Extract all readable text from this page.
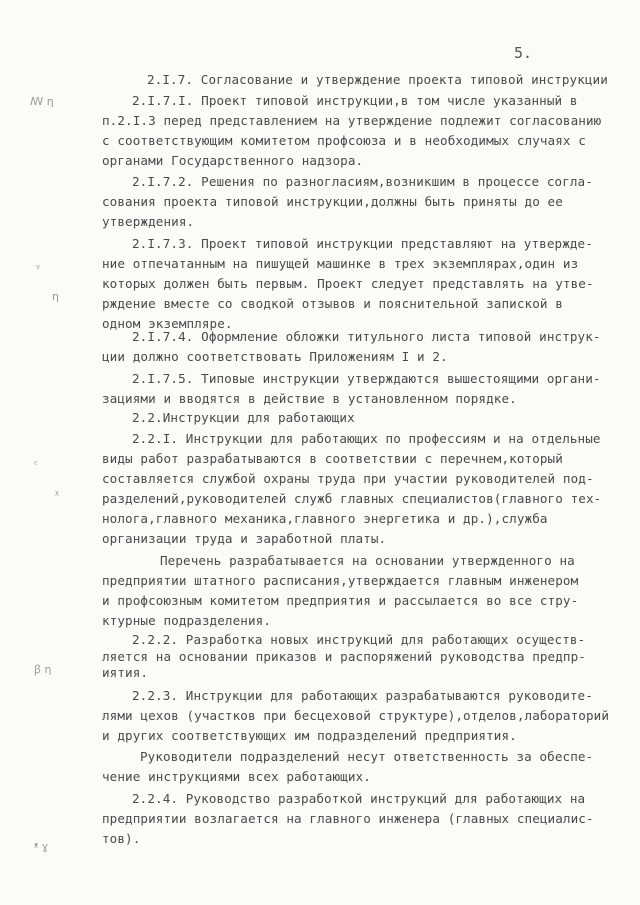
5.
2.I.7. Согласование и утверждение проекта типовой инструкции
2.I.7.I. Проект типовой инструкции,в том числе указанный в
п.2.I.3 перед представлением на утверждение подлежит согласованию
с соответствующим комитетом профсоюза и в необходимых случаях с
органами Государственного надзора.
2.I.7.2. Решения по разногласиям,возникшим в процессе согла-
сования проекта типовой инструкции,должны быть приняты до ее
утверждения.
2.I.7.3. Проект типовой инструкции представляют на утвержде-
ние отпечатанным на пишущей машинке в трех экземплярах,один из
которых должен быть первым. Проект следует представлять на утве-
рждение вместе со сводкой отзывов и пояснительной запиской в
одном экземпляре.
2.I.7.4. Оформление обложки титульного листа типовой инструк-
ции должно соответствовать Приложениям I и 2.
2.I.7.5. Типовые инструкции утверждаются вышестоящими органи-
зациями и вводятся в действие в установленном порядке.
2.2.Инструкции для работающих
2.2.I. Инструкции для работающих по профессиям и на отдельные
виды работ разрабатываются в соответствии с перечнем,который
составляется службой охраны труда при участии руководителей под-
разделений,руководителей служб главных специалистов(главного тех-
нолога,главного механика,главного энергетика и др.),служба
организации труда и заработной платы.
Перечень разрабатывается на основании утвержденного на
предприятии штатного расписания,утверждается главным инженером
и профсоюзным комитетом предприятия и рассылается во все стру-
ктурные подразделения.
2.2.2. Разработка новых инструкций для работающих осуществ-
ляется на основании приказов и распоряжений руководства предпр-
иятия.
2.2.3. Инструкции для работающих разрабатываются руководите-
лями цехов (участков при бесцеховой структуре),отделов,лабораторий
и других соответствующих им подразделений предприятия.
Руководители подразделений несут ответственность за обеспе-
чение инструкциями всех работающих.
2.2.4. Руководство разработкой инструкций для работающих на
предприятии возлагается на главного инженера (главных специалис-
тов).
ꟿ ƞ
ᵞ
ƞ
ᶜ
ᵡ
ꞵ ƞ
ᵜ ɣ
